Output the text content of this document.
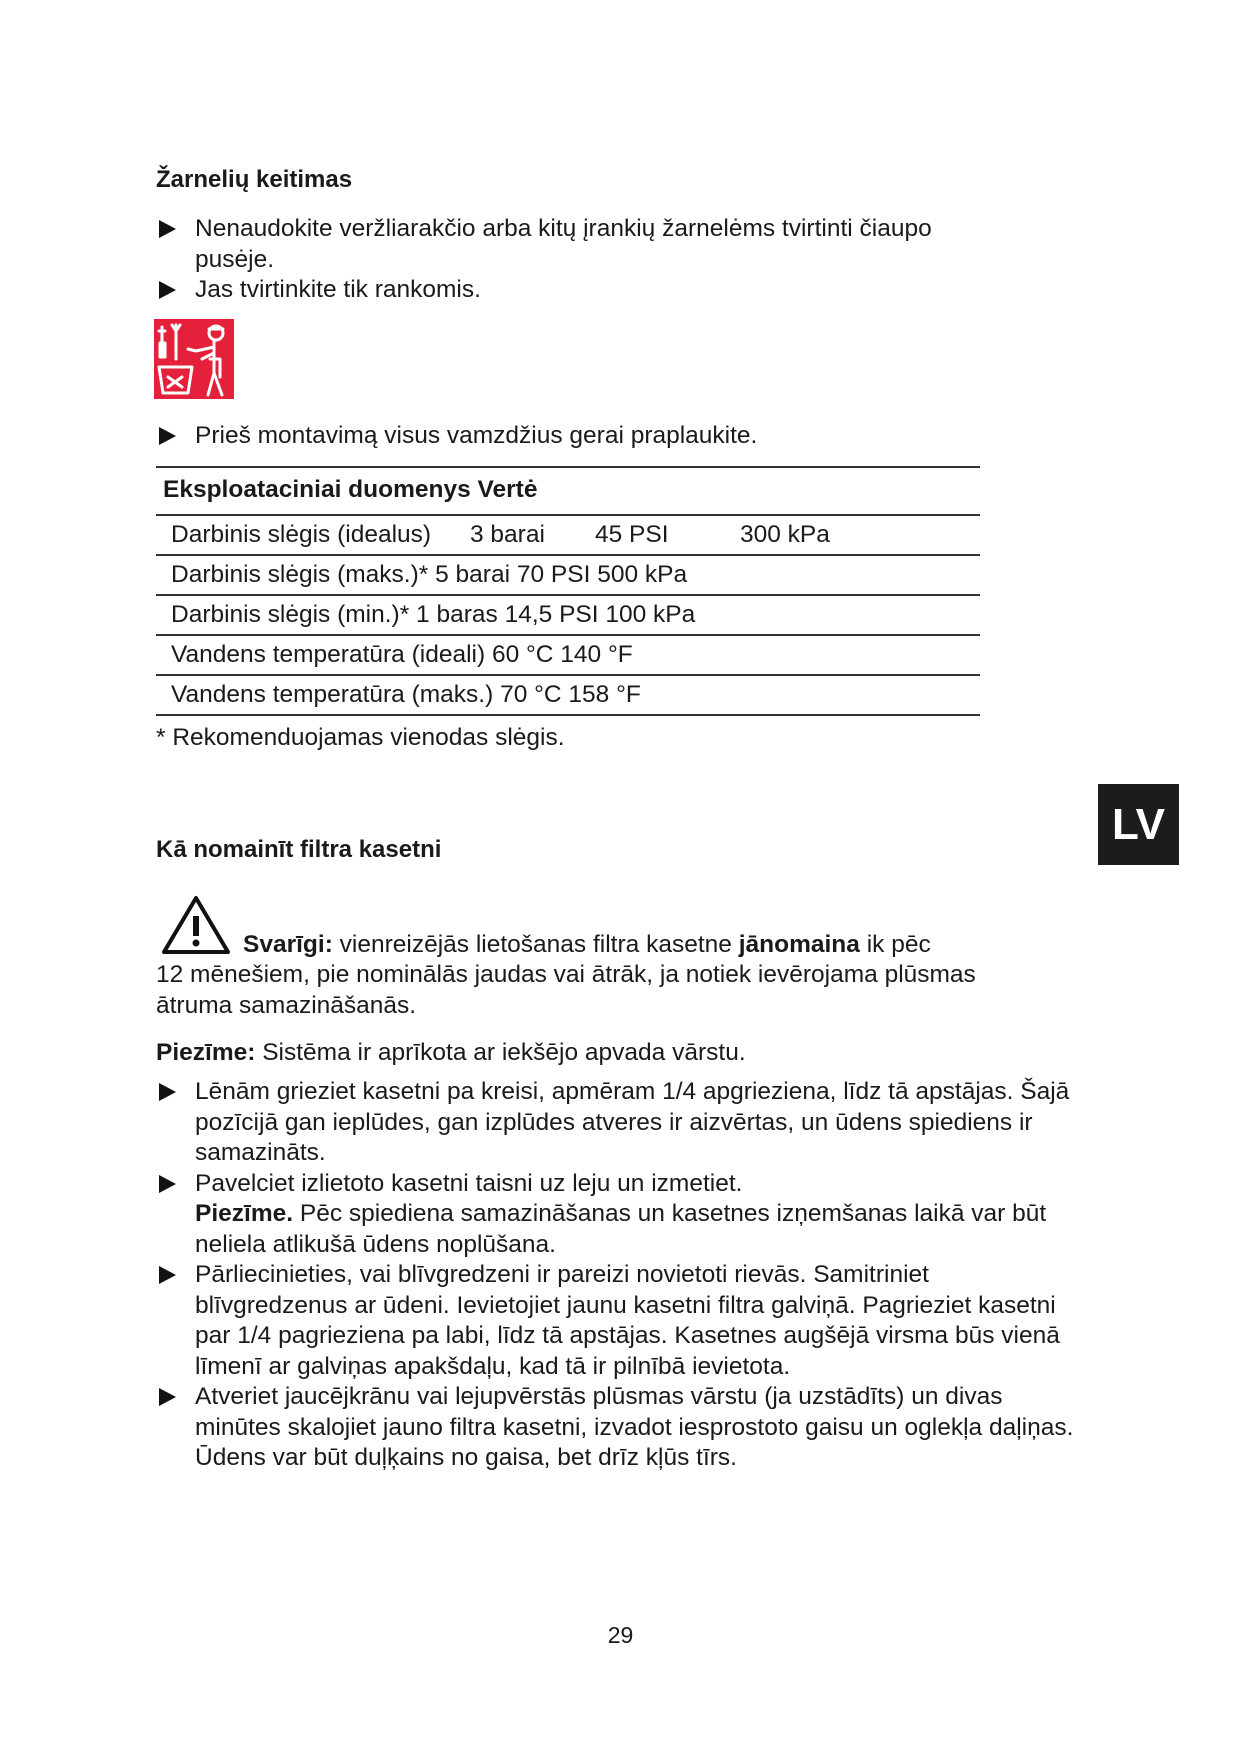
Žarnelių keitimas
Nenaudokite veržliarakčio arba kitų įrankių žarnelėms tvirtinti čiaupo pusėje.
Jas tvirtinkite tik rankomis.
Prieš montavimą visus vamzdžius gerai praplaukite.
Eksploataciniai duomenys Vertė
Darbinis slėgis (idealus)	3 barai	45 PSI	300 kPa
Darbinis slėgis (maks.)* 5 barai 70 PSI 500 kPa
Darbinis slėgis (min.)* 1 baras 14,5 PSI 100 kPa
Vandens temperatūra (ideali) 60 °C 140 °F
Vandens temperatūra (maks.) 70 °C 158 °F

* Rekomenduojamas vienodas slėgis.

LV
Kā nomainīt filtra kasetni

Svarīgi: vienreizējās lietošanas filtra kasetne jānomaina ik pēc

12 mēnešiem, pie nominālās jaudas vai ātrāk, ja notiek ievērojama plūsmas ātruma samazināšanās.

Piezīme: Sistēma ir aprīkota ar iekšējo apvada vārstu.

Lēnām grieziet kasetni pa kreisi, apmēram 1/4 apgrieziena, līdz tā apstājas. Šajā pozīcijā gan ieplūdes, gan izplūdes atveres ir aizvērtas, un ūdens spiediens ir samazināts.
Pavelciet izlietoto kasetni taisni uz leju un izmetiet.
Piezīme. Pēc spiediena samazināšanas un kasetnes izņemšanas laikā var būt neliela atlikušā ūdens noplūšana.
Pārliecinieties, vai blīvgredzeni ir pareizi novietoti rievās. Samitriniet blīvgredzenus ar ūdeni. Ievietojiet jaunu kasetni filtra galviņā. Pagrieziet kasetni par 1/4 pagrieziena pa labi, līdz tā apstājas. Kasetnes augšējā virsma būs vienā līmenī ar galviņas apakšdaļu, kad tā ir pilnībā ievietota.
Atveriet jaucējkrānu vai lejupvērstās plūsmas vārstu (ja uzstādīts) un divas minūtes skalojiet jauno filtra kasetni, izvadot iesprostoto gaisu un oglekļa daļiņas. Ūdens var būt duļķains no gaisa, bet drīz kļūs tīrs.

29
